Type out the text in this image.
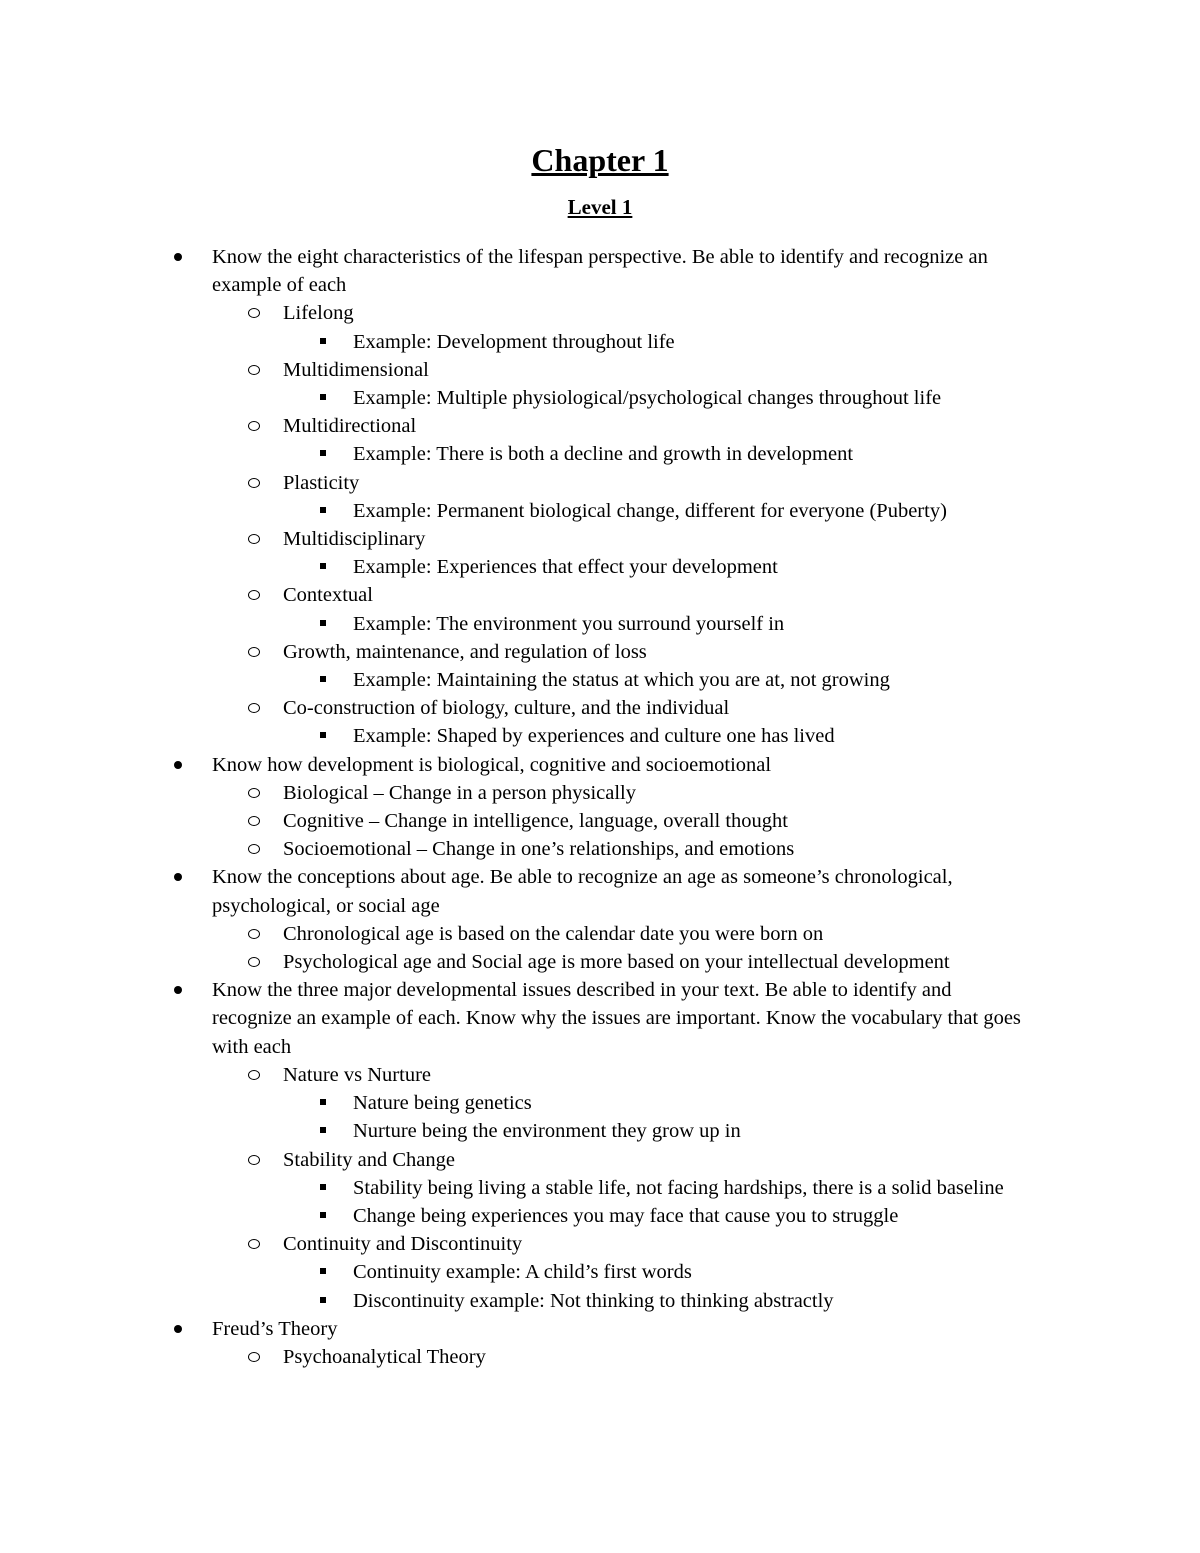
Chapter 1
Level 1
Know the eight characteristics of the lifespan perspective. Be able to identify and recognize an example of each
Lifelong
Example: Development throughout life
Multidimensional
Example: Multiple physiological/psychological changes throughout life
Multidirectional
Example: There is both a decline and growth in development
Plasticity
Example: Permanent biological change, different for everyone (Puberty)
Multidisciplinary
Example: Experiences that effect your development
Contextual
Example: The environment you surround yourself in
Growth, maintenance, and regulation of loss
Example: Maintaining the status at which you are at, not growing
Co-construction of biology, culture, and the individual
Example: Shaped by experiences and culture one has lived
Know how development is biological, cognitive and socioemotional
Biological – Change in a person physically
Cognitive – Change in intelligence, language, overall thought
Socioemotional – Change in one’s relationships, and emotions
Know the conceptions about age. Be able to recognize an age as someone’s chronological, psychological, or social age
Chronological age is based on the calendar date you were born on
Psychological age and Social age is more based on your intellectual development
Know the three major developmental issues described in your text. Be able to identify and recognize an example of each. Know why the issues are important. Know the vocabulary that goes with each
Nature vs Nurture
Nature being genetics
Nurture being the environment they grow up in
Stability and Change
Stability being living a stable life, not facing hardships, there is a solid baseline
Change being experiences you may face that cause you to struggle
Continuity and Discontinuity
Continuity example: A child’s first words
Discontinuity example: Not thinking to thinking abstractly
Freud’s Theory
Psychoanalytical Theory
